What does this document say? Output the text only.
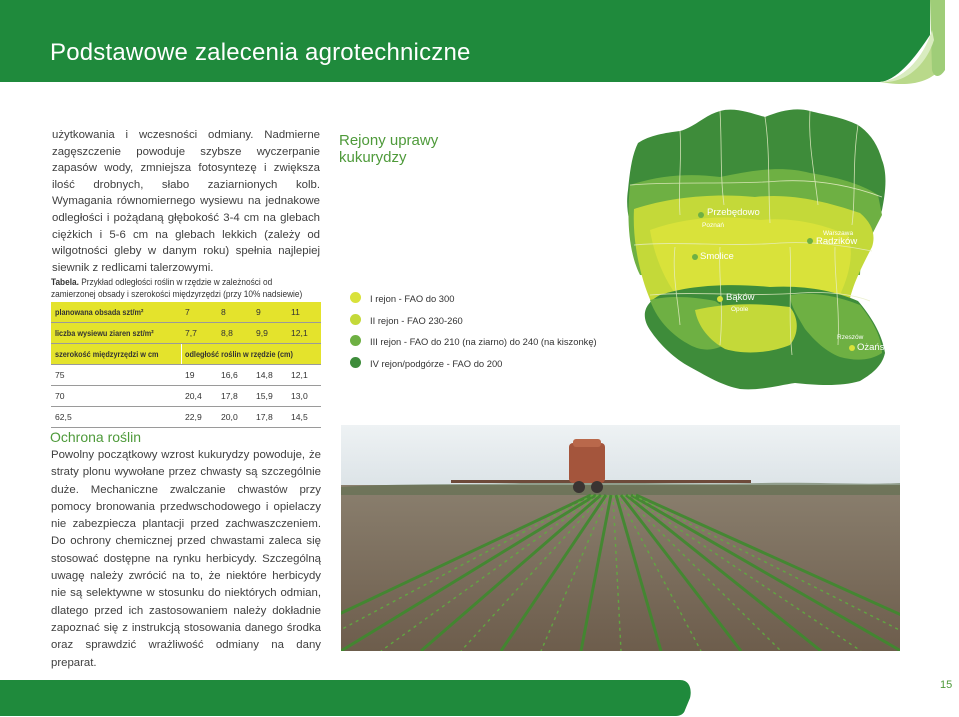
Podstawowe zalecenia agrotechniczne

użytkowania i wczesności odmiany. Nadmierne zagęszczenie powoduje szybsze wyczerpanie zapasów wody, zmniejsza fotosyntezę i zwiększa ilość drobnych, słabo zaziarnionych kolb. Wymagania równomiernego wysiewu na jednakowe odległości i pożądaną głębokość 3-4 cm na glebach ciężkich i 5-6 cm na glebach lekkich (zależy od wilgotności gleby w danym roku) spełnia najlepiej siewnik z redlicami talerzowymi.

Tabela. Przykład odległości roślin w rzędzie w zależności od zamierzonej obsady i szerokości międzyrzędzi (przy 10% nadsiewie)
planowana obsada szt/m²	7	8	9	11
liczba wysiewu ziaren szt/m²	7,7	8,8	9,9	12,1
szerokość międzyrzędzi w cm	odległość roślin w rzędzie (cm)
75	19	16,6 14,8 12,1
70	20,4 17,8 15,9 13,0
62,5	22,9 20,0 17,8 14,5
Rejony uprawy
kukurydzy
Przebędowo
Poznań
Smolice
Warszawa
Radzików
Bąków
Opole
Rzeszów
Ożańsk
I rejon - FAO do 300
II rejon - FAO 230-260
III rejon - FAO do 210 (na ziarno) do 240 (na kiszonkę)
IV rejon/podgórze - FAO do 200
Ochrona roślin

Powolny początkowy wzrost kukurydzy powoduje, że straty plonu wywołane przez chwasty są szczególnie duże. Mechaniczne zwalczanie chwastów przy pomocy bronowania przedwschodowego i opielaczy nie zabezpiecza plantacji przed zachwaszczeniem. Do ochrony chemicznej przed chwastami zaleca się stosować dostępne na rynku herbicydy. Szczególną uwagę należy zwrócić na to, że niektóre herbicydy nie są selektywne w stosunku do niektórych odmian, dlatego przed ich zastosowaniem należy dokładnie zapoznać się z instrukcją stosowania danego środka oraz sprawdzić wrażliwość odmiany na dany preparat.

15
